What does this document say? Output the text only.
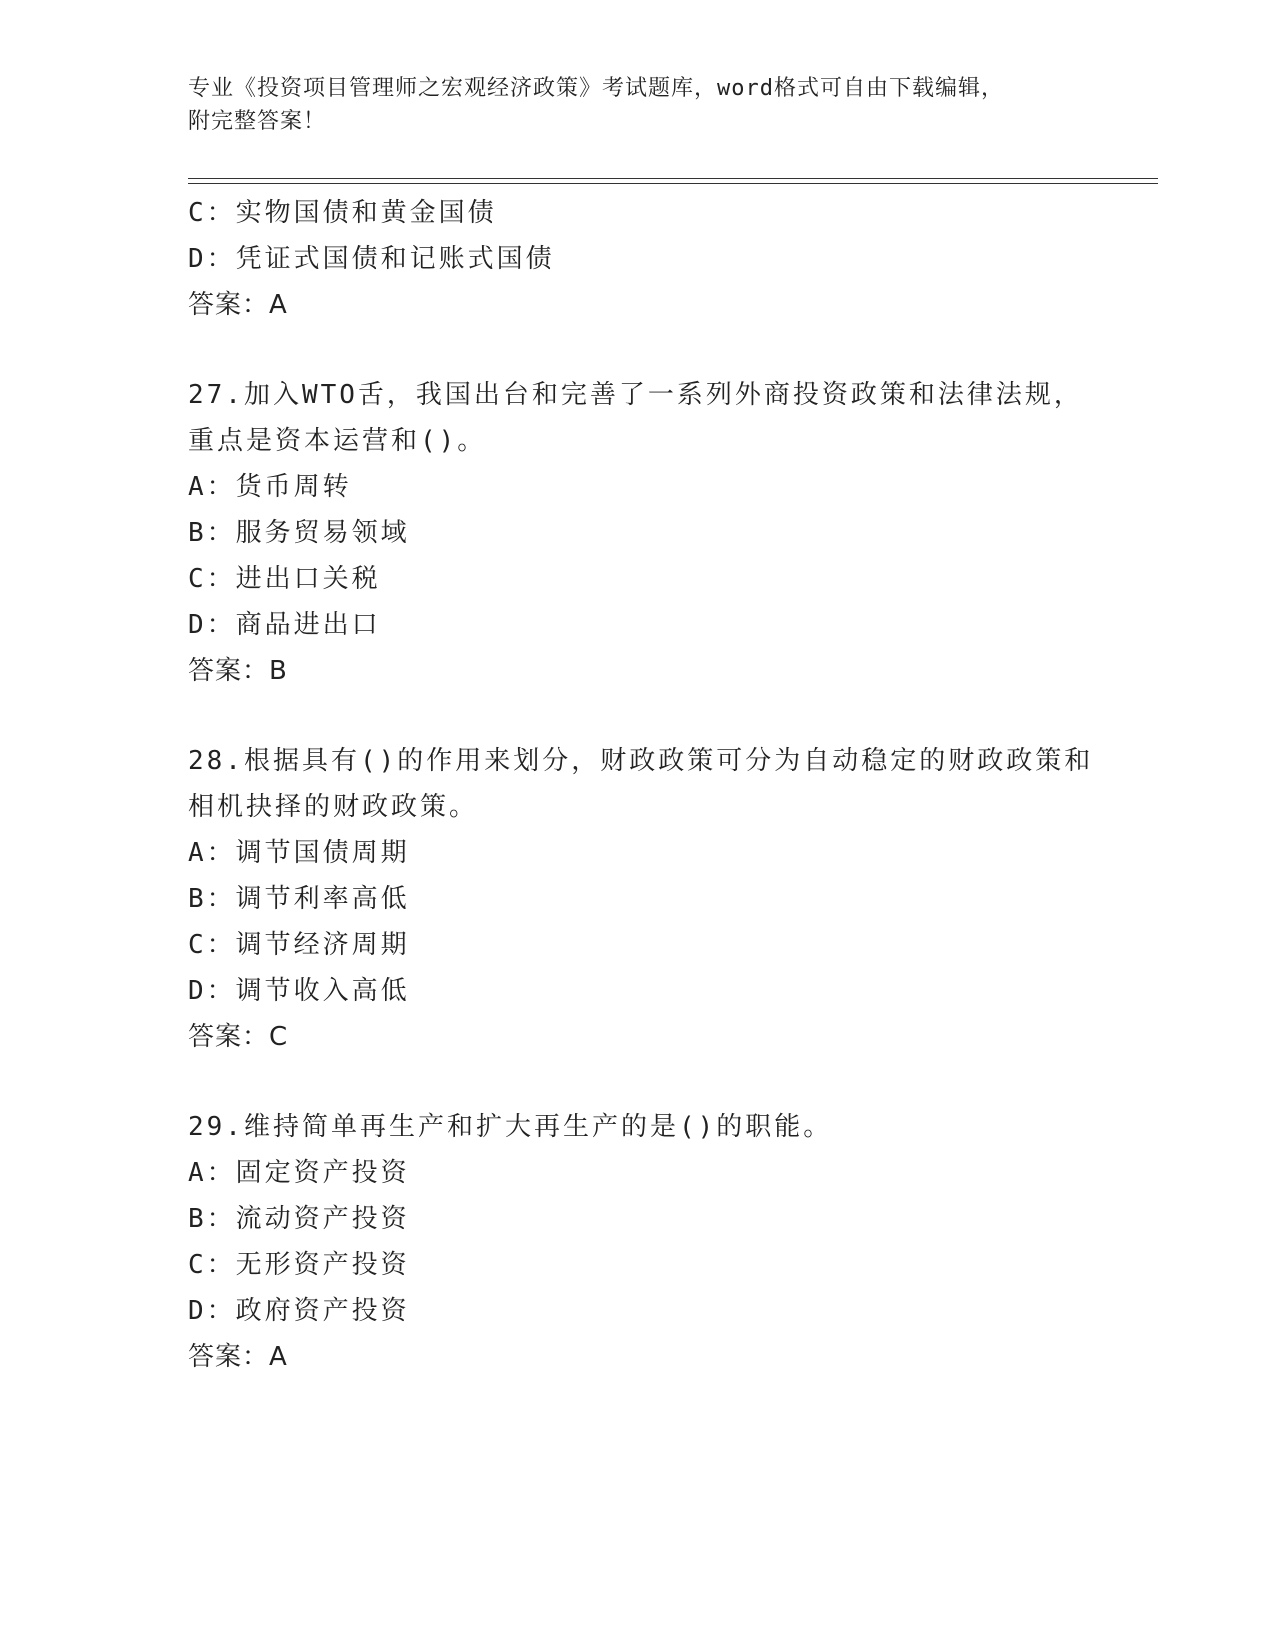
专业《投资项目管理师之宏观经济政策》考试题库，word格式可自由下载编辑，
附完整答案！
C：实物国债和黄金国债
D：凭证式国债和记账式国债
答案：A
27.加入WTO舌，我国出台和完善了一系列外商投资政策和法律法规，
重点是资本运营和()。
A：货币周转
B：服务贸易领域
C：进出口关税
D：商品进出口
答案：B
28.根据具有()的作用来划分，财政政策可分为自动稳定的财政政策和
相机抉择的财政政策。
A：调节国债周期
B：调节利率高低
C：调节经济周期
D：调节收入高低
答案：C
29.维持简单再生产和扩大再生产的是()的职能。
A：固定资产投资
B：流动资产投资
C：无形资产投资
D：政府资产投资
答案：A
